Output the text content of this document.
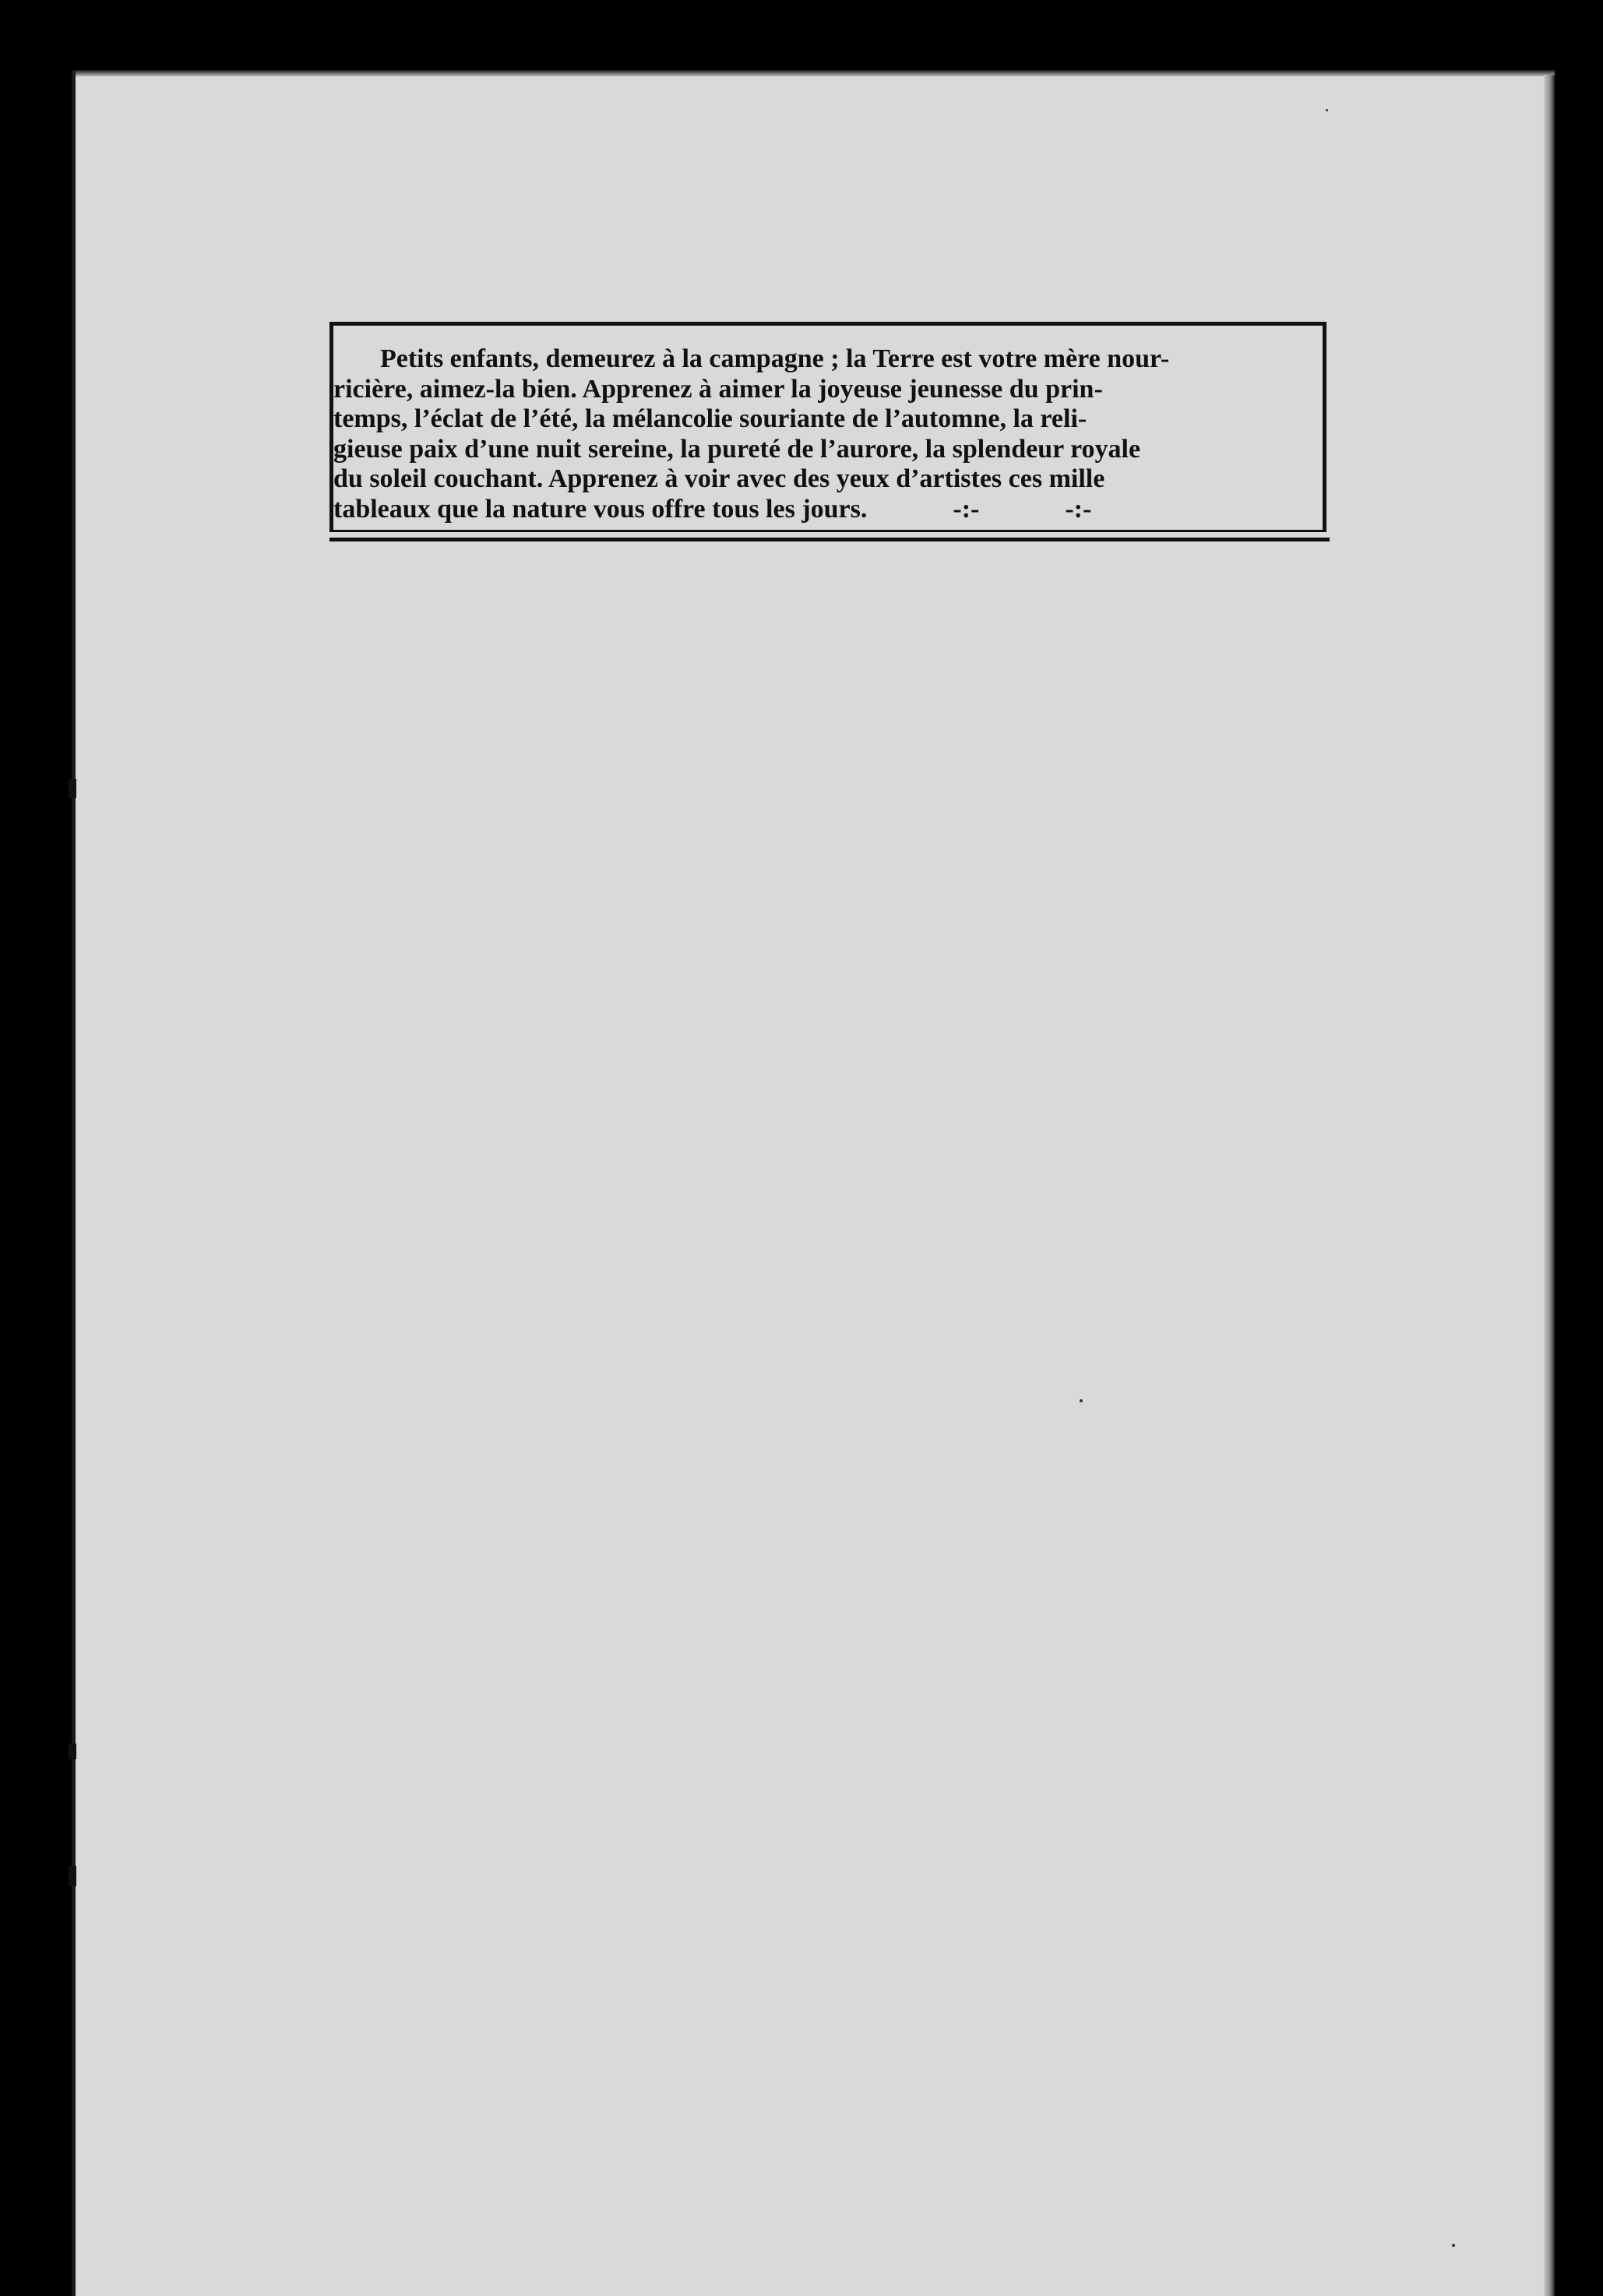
Petits enfants, demeurez à la campagne ; la Terre est votre mère nour-
ricière, aimez-la bien. Apprenez à aimer la joyeuse jeunesse du prin-
temps, l’éclat de l’été, la mélancolie souriante de l’automne, la reli-
gieuse paix d’une nuit sereine, la pureté de l’aurore, la splendeur royale
du soleil couchant. Apprenez à voir avec des yeux d’artistes ces mille
tableaux que la nature vous offre tous les jours.	-:-	-:-
